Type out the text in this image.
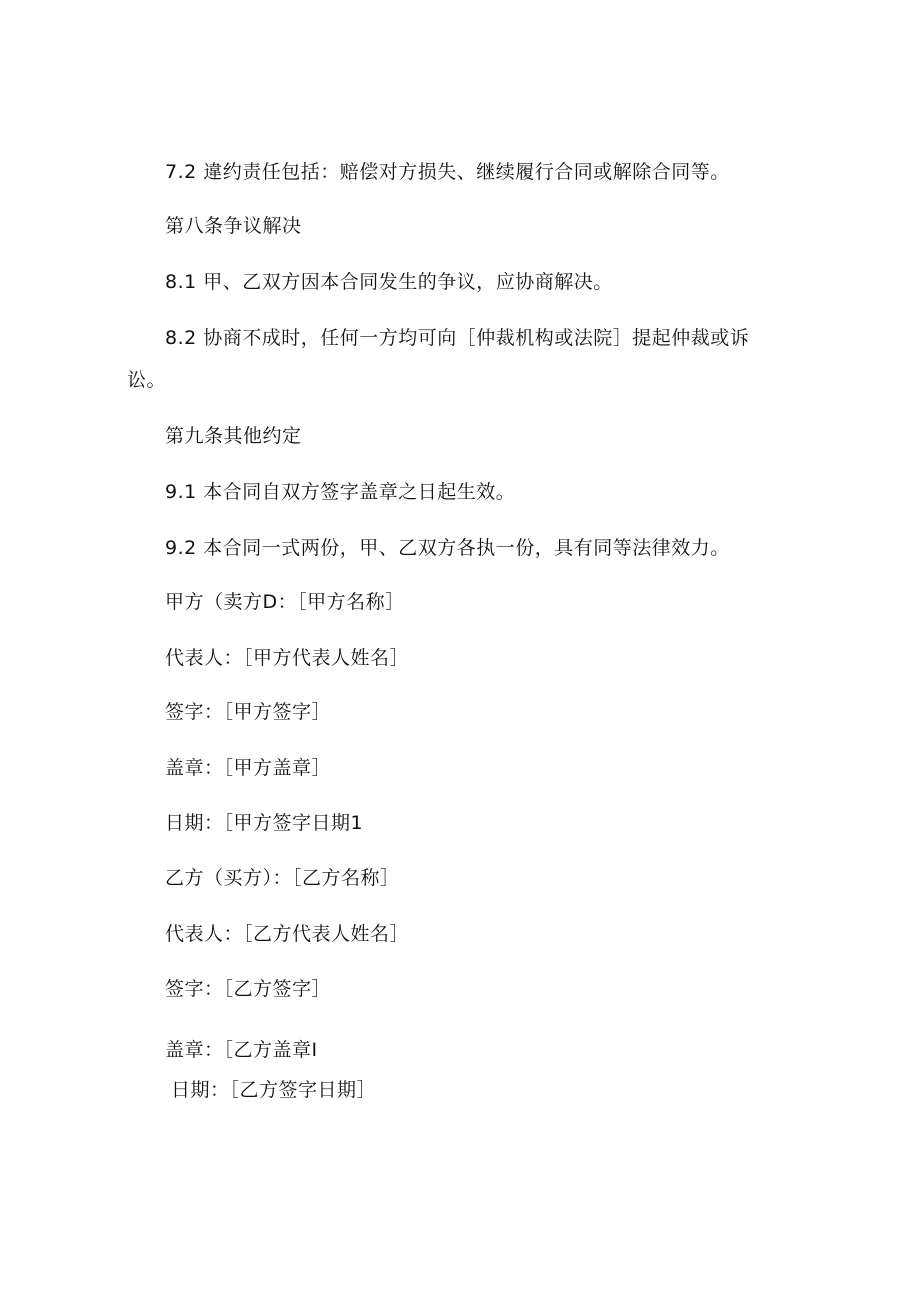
7.2 違约责任包括：赔偿对方损失、继续履行合同或解除合同等。
第八条争议解决
8.1 甲、乙双方因本合同发生的争议，应协商解决。
8.2 协商不成时，任何一方均可向［仲裁机构或法院］提起仲裁或诉
讼。
第九条其他约定
9.1 本合同自双方签字盖章之日起生效。
9.2 本合同一式两份，甲、乙双方各执一份，具有同等法律效力。
甲方（卖方D：［甲方名称］
代表人：［甲方代表人姓名］
签字：［甲方签字］
盖章：［甲方盖章］
日期：［甲方签字日期1
乙方（买方）：［乙方名称］
代表人：［乙方代表人姓名］
签字：［乙方签字］
盖章：［乙方盖章I
日期：［乙方签字日期］
